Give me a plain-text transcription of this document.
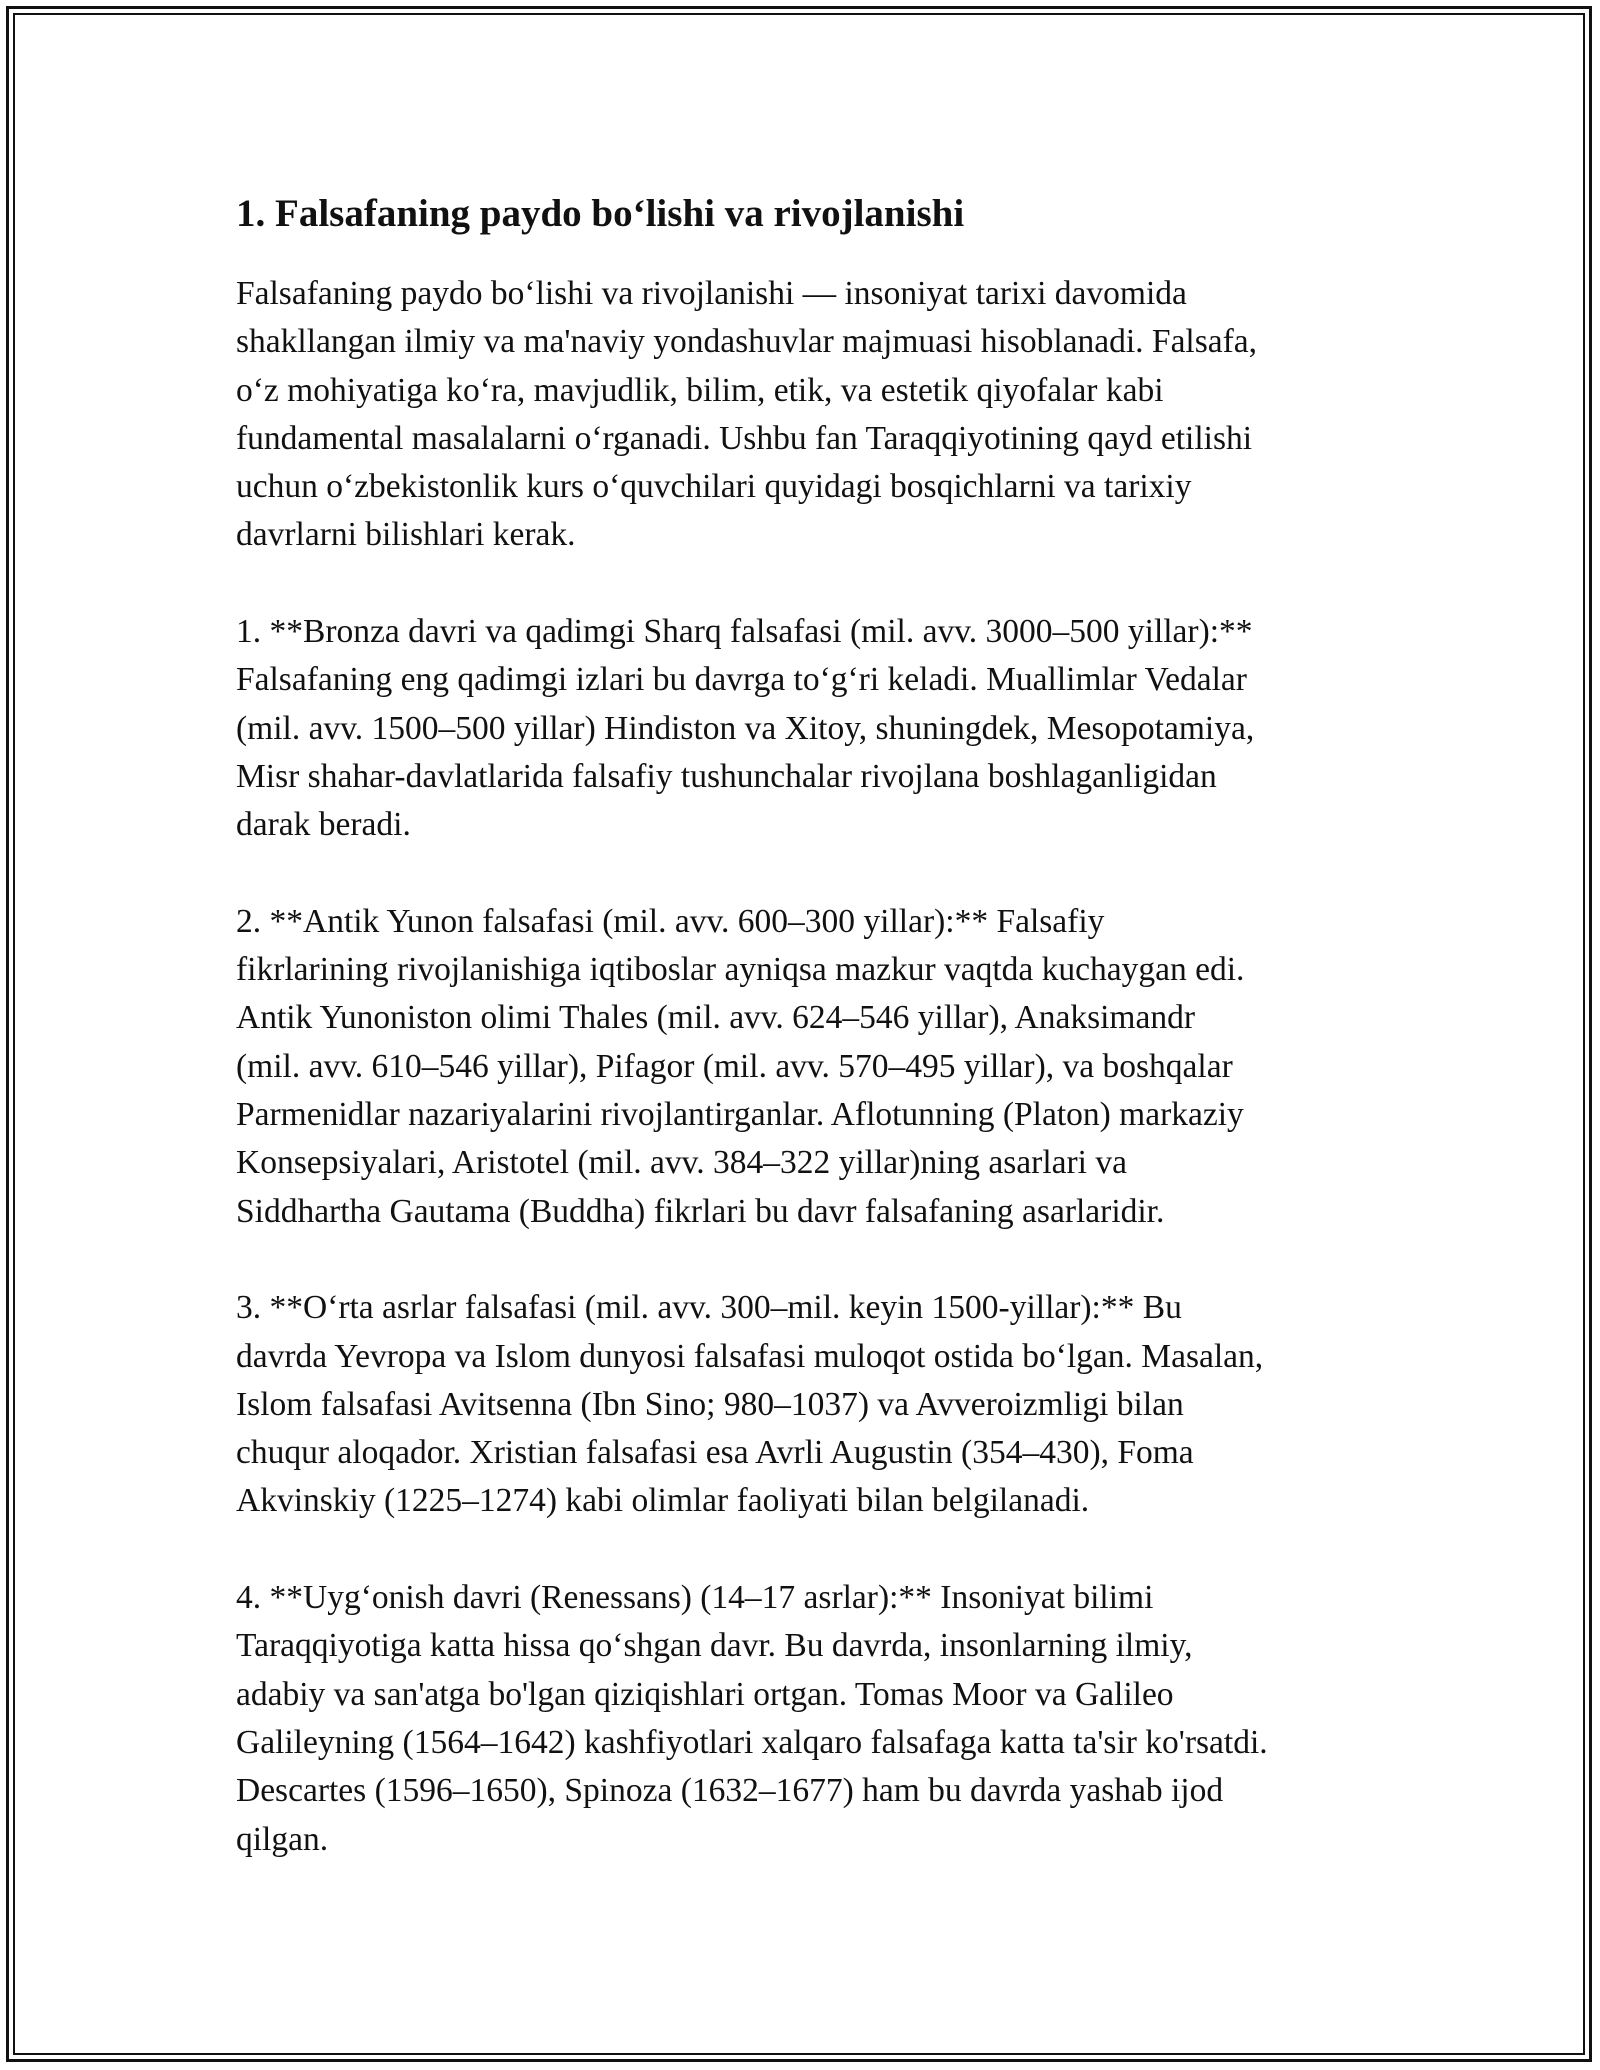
1. Falsafaning paydo bo‘lishi va rivojlanishi

Falsafaning paydo bo‘lishi va rivojlanishi — insoniyat tarixi davomida
shakllangan ilmiy va ma'naviy yondashuvlar majmuasi hisoblanadi. Falsafa,
o‘z mohiyatiga ko‘ra, mavjudlik, bilim, etik, va estetik qiyofalar kabi
fundamental masalalarni o‘rganadi. Ushbu fan Taraqqiyotining qayd etilishi
uchun o‘zbekistonlik kurs o‘quvchilari quyidagi bosqichlarni va tarixiy
davrlarni bilishlari kerak.

1. **Bronza davri va qadimgi Sharq falsafasi (mil. avv. 3000–500 yillar):**
Falsafaning eng qadimgi izlari bu davrga to‘g‘ri keladi. Muallimlar Vedalar
(mil. avv. 1500–500 yillar) Hindiston va Xitoy, shuningdek, Mesopotamiya,
Misr shahar-davlatlarida falsafiy tushunchalar rivojlana boshlaganligidan
darak beradi.

2. **Antik Yunon falsafasi (mil. avv. 600–300 yillar):** Falsafiy
fikrlarining rivojlanishiga iqtiboslar ayniqsa mazkur vaqtda kuchaygan edi.
Antik Yunoniston olimi Thales (mil. avv. 624–546 yillar), Anaksimandr
(mil. avv. 610–546 yillar), Pifagor (mil. avv. 570–495 yillar), va boshqalar
Parmenidlar nazariyalarini rivojlantirganlar. Aflotunning (Platon) markaziy
Konsepsiyalari, Aristotel (mil. avv. 384–322 yillar)ning asarlari va
Siddhartha Gautama (Buddha) fikrlari bu davr falsafaning asarlaridir.

3. **O‘rta asrlar falsafasi (mil. avv. 300–mil. keyin 1500-yillar):** Bu
davrda Yevropa va Islom dunyosi falsafasi muloqot ostida bo‘lgan. Masalan,
Islom falsafasi Avitsenna (Ibn Sino; 980–1037) va Avveroizmligi bilan
chuqur aloqador. Xristian falsafasi esa Avrli Augustin (354–430), Foma
Akvinskiy (1225–1274) kabi olimlar faoliyati bilan belgilanadi.

4. **Uyg‘onish davri (Renessans) (14–17 asrlar):** Insoniyat bilimi
Taraqqiyotiga katta hissa qo‘shgan davr. Bu davrda, insonlarning ilmiy,
adabiy va san'atga bo'lgan qiziqishlari ortgan. Tomas Moor va Galileo
Galileyning (1564–1642) kashfiyotlari xalqaro falsafaga katta ta'sir ko'rsatdi.
Descartes (1596–1650), Spinoza (1632–1677) ham bu davrda yashab ijod
qilgan.
